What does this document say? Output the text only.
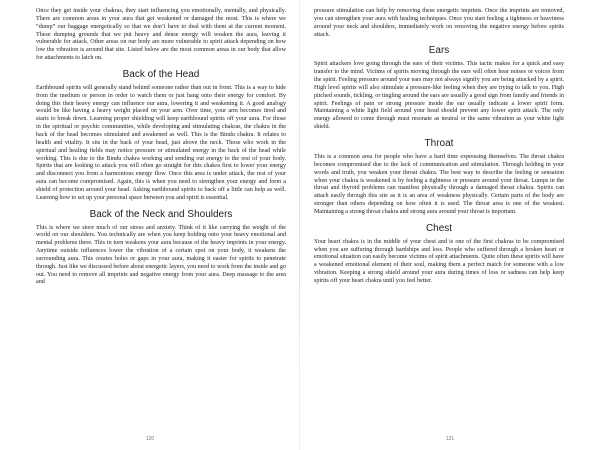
Once they get inside your chakras, they start influencing you emotionally, mentally, and physically. There are common areas in your aura that get weakened or damaged the most. This is where we “dump” our baggage energetically so that we don’t have to deal with them at the current moment. These dumping grounds that we put heavy and dense energy will weaken the aura, leaving it vulnerable for attack. Other areas on our body are more vulnerable to spirit attack depending on how low the vibration is around that site. Listed below are the most common areas in our body that allow for attachments to latch on.

Back of the Head

Earthbound spirits will generally stand behind someone rather than out in front. This is a way to hide from the medium or person in order to watch them or just hang onto their energy for comfort. By doing this their heavy energy can influence our aura, lowering it and weakening it. A good analogy would be like having a heavy weight placed on your arm. Over time, your arm becomes tired and starts to break down. Learning proper shielding will keep earthbound spirits off your aura. For those in the spiritual or psychic communities, while developing and stimulating chakras, the chakra in the back of the head becomes stimulated and awakened as well. This is the Bindu chakra. It relates to health and vitality. It sits in the back of your head, just above the neck. Those who work in the spiritual and healing fields may notice pressure or stimulated energy in the back of the head while working. This is due to the Bindu chakra working and sending out energy to the rest of your body. Spirits that are looking to attack you will often go straight for this chakra first to lower your energy and disconnect you from a harmonious energy flow. Once this area is under attack, the rest of your aura can become compromised. Again, this is when you need to strengthen your energy and form a shield of protection around your head. Asking earthbound spirits to back off a little can help as well. Learning how to set up your personal space between you and spirit is essential.

Back of the Neck and Shoulders

This is where we store much of our stress and anxiety. Think of it like carrying the weight of the world on our shoulders. You technically are when you keep holding onto your heavy emotional and mental problems there. This in turn weakens your aura because of the heavy imprints in your energy. Anytime outside influences lower the vibration of a certain spot on your body, it weakens the surrounding aura. This creates holes or gaps in your aura, making it easier for spirits to penetrate through. Just like we discussed before about energetic layers, you need to work from the inside and go out. You need to remove all imprints and negative energy from your aura. Deep massage to the area and

120

pressure stimulation can help by removing these energetic imprints. Once the imprints are removed, you can strengthen your aura with healing techniques. Once you start feeling a tightness or heaviness around your neck and shoulders, immediately work on removing the negative energy before spirits attach.

Ears

Spirit attackers love going through the ears of their victims. This tactic makes for a quick and easy transfer to the mind. Victims of spirits moving through the ears will often hear noises or voices from the spirit. Feeling pressure around your ears may not always signify you are being attacked by a spirit. High level spirits will also stimulate a pressure-like feeling when they are trying to talk to you. High pitched sounds, tickling, or tingling around the ears are usually a good sign from family and friends in spirit. Feelings of pain or strong pressure inside the ear usually indicate a lower spirit form. Maintaining a white light field around your head should prevent any lower spirit attack. The only energy allowed to come through must resonate as neutral or the same vibration as your white light shield.

Throat

This is a common area for people who have a hard time expressing themselves. The throat chakra becomes compromised due to the lack of communication and stimulation. Through holding in your words and truth, you weaken your throat chakra. The best way to describe the feeling or sensation when your chakra is weakened is by feeling a tightness or pressure around your throat. Lumps in the throat and thyroid problems can manifest physically through a damaged throat chakra. Spirits can attach easily through this site as it is an area of weakness physically. Certain parts of the body are stronger than others depending on how often it is used. The throat area is one of the weakest. Maintaining a strong throat chakra and strong aura around your throat is important.

Chest

Your heart chakra is in the middle of your chest and is one of the first chakras to be compromised when you are suffering through hardships and loss. People who suffered through a broken heart or emotional situation can easily become victims of spirit attachments. Quite often these spirits will have a weakened emotional element of their soul, making them a perfect match for someone with a low vibration. Keeping a strong shield around your aura during times of loss or sadness can help keep spirits off your heart chakra until you feel better.

121
